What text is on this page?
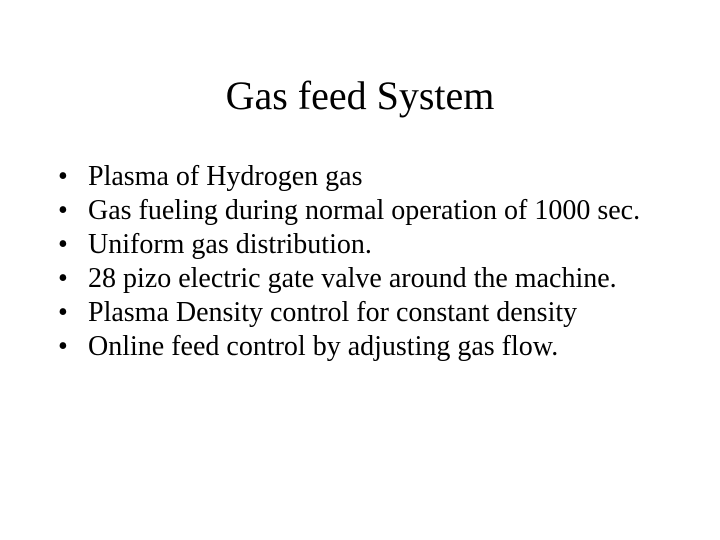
Gas feed System
• Plasma of Hydrogen gas
• Gas fueling during normal operation of 1000 sec.
• Uniform gas distribution.
• 28 pizo electric gate valve around the machine.
• Plasma Density control for constant density
• Online feed control by adjusting gas flow.
